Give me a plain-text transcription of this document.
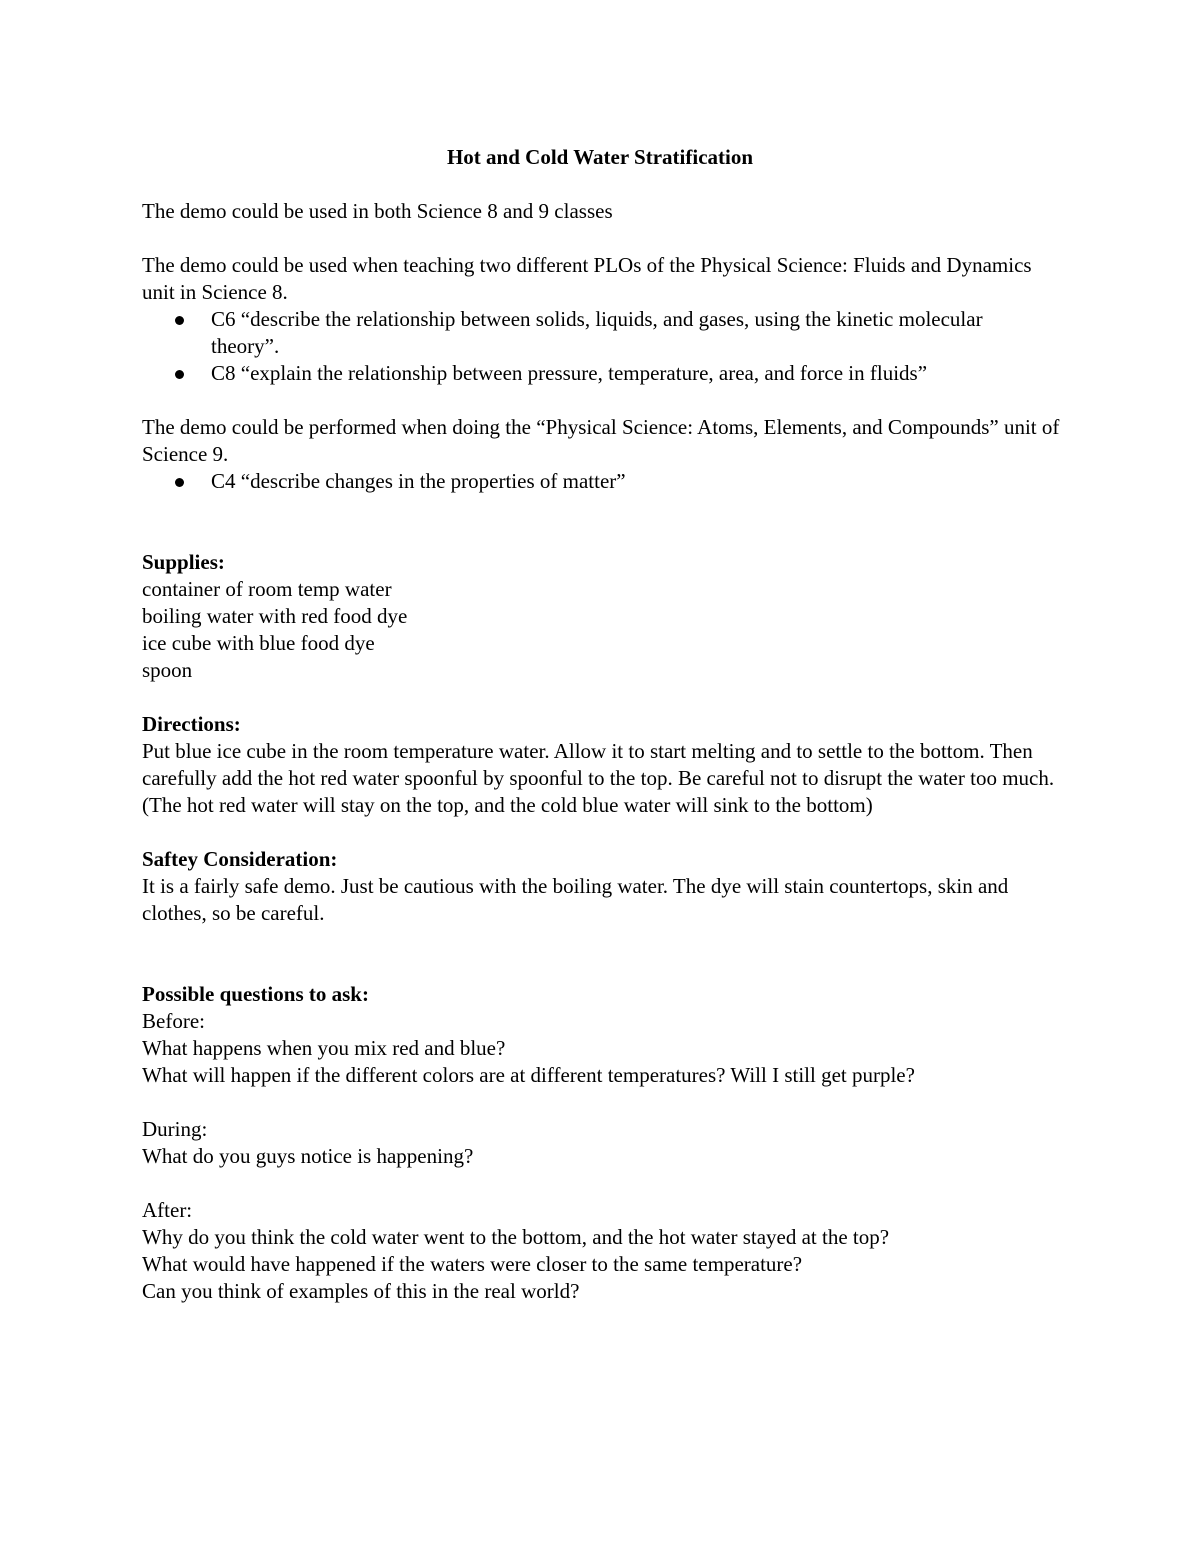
Hot and Cold Water Stratification

The demo could be used in both Science 8 and 9 classes

The demo could be used when teaching two different PLOs of the Physical Science: Fluids and Dynamics unit in Science 8.

C6 “describe the relationship between solids, liquids, and gases, using the kinetic molecular theory”.
C8 “explain the relationship between pressure, temperature, area, and force in fluids”

The demo could be performed when doing the “Physical Science: Atoms, Elements, and Compounds” unit of Science 9.

C4 “describe changes in the properties of matter”

Supplies:

container of room temp water
boiling water with red food dye
ice cube with blue food dye
spoon

Directions:

Put blue ice cube in the room temperature water. Allow it to start melting and to settle to the bottom. Then carefully add the hot red water spoonful by spoonful to the top. Be careful not to disrupt the water too much. (The hot red water will stay on the top, and the cold blue water will sink to the bottom)

Saftey Consideration:

It is a fairly safe demo. Just be cautious with the boiling water. The dye will stain countertops, skin and clothes, so be careful.

Possible questions to ask:

Before:
What happens when you mix red and blue?
What will happen if the different colors are at different temperatures? Will I still get purple?
During:
What do you guys notice is happening?
After:
Why do you think the cold water went to the bottom, and the hot water stayed at the top?
What would have happened if the waters were closer to the same temperature?
Can you think of examples of this in the real world?
